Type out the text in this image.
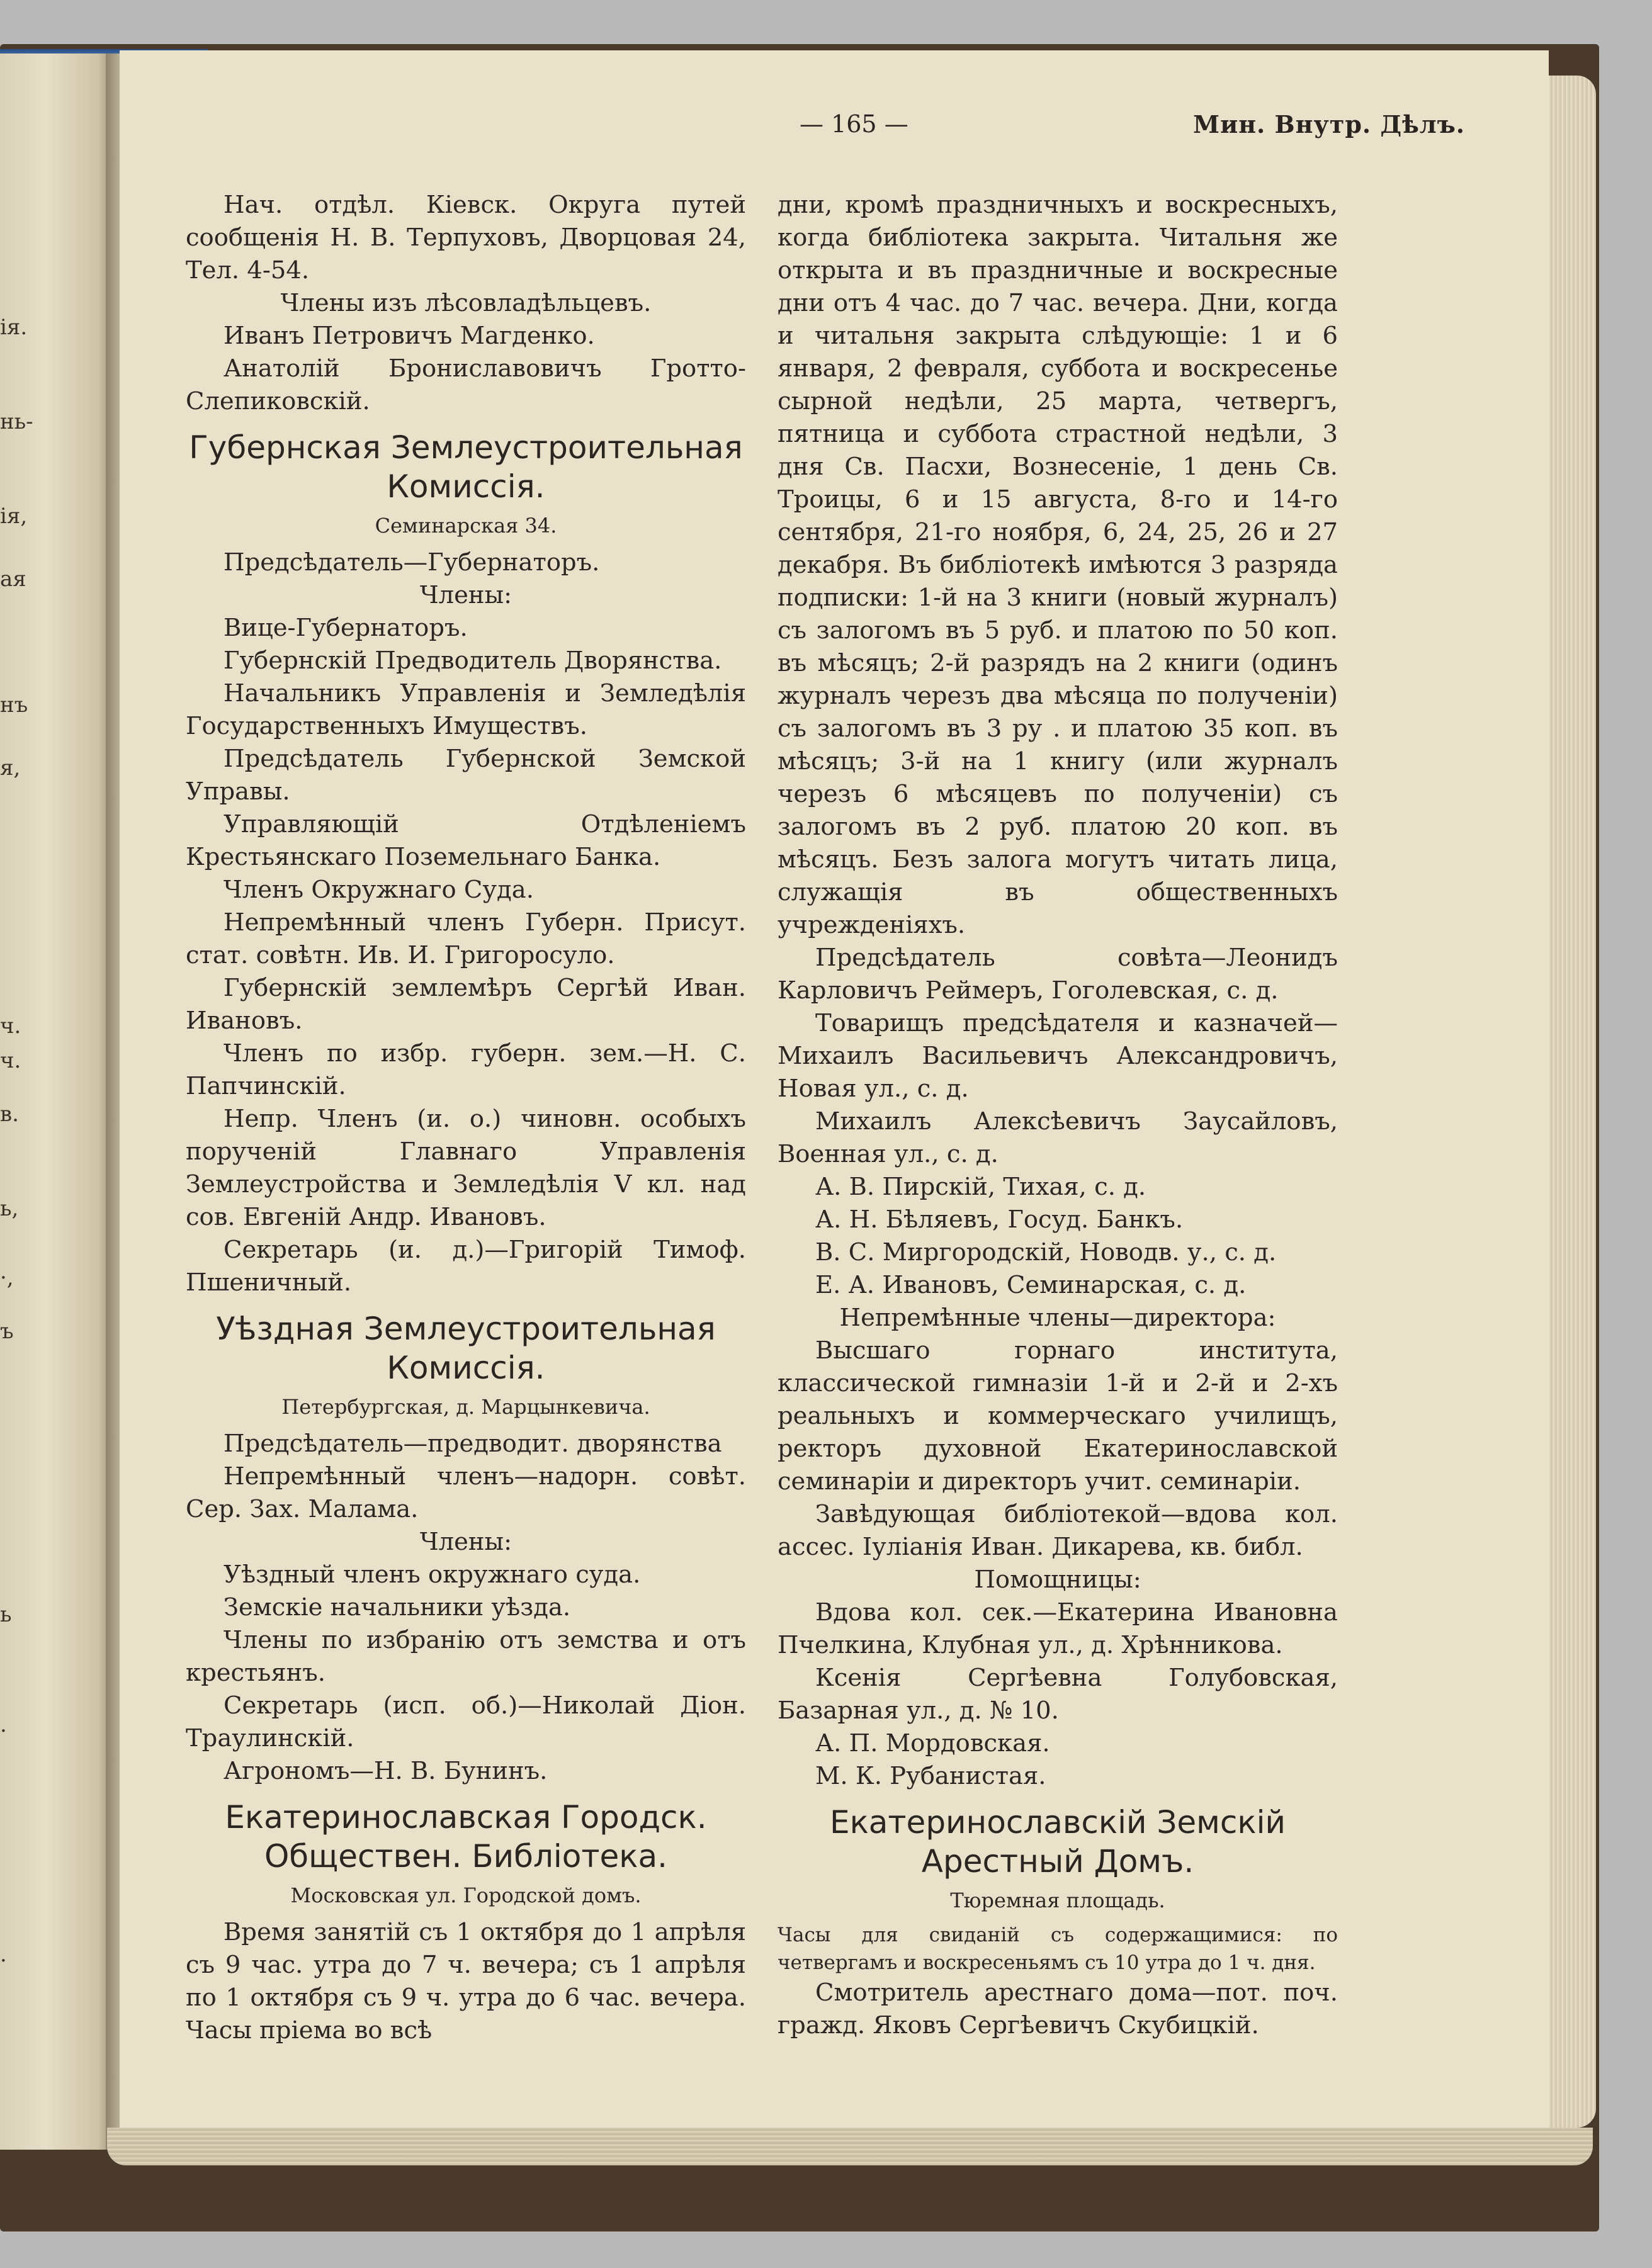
ія.
нь-
ія,
ая
нъ
я,
ч.
ч.
в.
ь,
·,
ъ
ь
.
·
— 165 —	Мин. Внутр. Дѣлъ.

Нач. отдѣл. Кіевск. Округа путей сообщенія Н. В. Терпуховъ, Дворцовая 24, Тел. 4-54.

Члены изъ лѣсовладѣльцевъ.

Иванъ Петровичъ Магденко.

Анатолій Брониславовичъ Гротто-Слепиковскій.

Губернская Землеустроительная Комиссія.
Семинарская 34.

Предсѣдатель—Губернаторъ.

Члены:

Вице-Губернаторъ.

Губернскій Предводитель Дворянства.

Начальникъ Управленія и Земледѣлія Государственныхъ Имуществъ.

Предсѣдатель Губернской Земской Управы.

Управляющій Отдѣленіемъ Крестьянскаго Поземельнаго Банка.

Членъ Окружнаго Суда.

Непремѣнный членъ Губерн. Присут. стат. совѣтн. Ив. И. Григоросуло.

Губернскій землемѣръ Сергѣй Иван. Ивановъ.

Членъ по избр. губерн. зем.—Н. С. Папчинскій.

Непр. Членъ (и. о.) чиновн. особыхъ порученій Главнаго Управленія Землеустройства и Земледѣлія V кл. над сов. Евгеній Андр. Ивановъ.

Секретарь (и. д.)—Григорій Тимоф. Пшеничный.

Уѣздная Землеустроительная Комиссія.
Петербургская, д. Марцынкевича.

Предсѣдатель—предводит. дворянства

Непремѣнный членъ—надорн. совѣт. Сер. Зах. Малама.

Члены:

Уѣздный членъ окружнаго суда.

Земскіе начальники уѣзда.

Члены по избранію отъ земства и отъ крестьянъ.

Секретарь (исп. об.)—Николай Діон. Траулинскій.

Агрономъ—Н. В. Бунинъ.

Екатеринославская Городск. Обществен. Библіотека.
Московская ул. Городской домъ.

Время занятій съ 1 октября до 1 апрѣля съ 9 час. утра до 7 ч. вечера; съ 1 апрѣля по 1 октября съ 9 ч. утра до 6 час. вечера. Часы пріема во всѣ

дни, кромѣ праздничныхъ и воскресныхъ, когда библіотека закрыта. Читальня же открыта и въ праздничные и воскресные дни отъ 4 час. до 7 час. вечера. Дни, когда и читальня закрыта слѣдующіе: 1 и 6 января, 2 февраля, суббота и воскресенье сырной недѣли, 25 марта, четвергъ, пятница и суббота страстной недѣли, 3 дня Св. Пасхи, Вознесеніе, 1 день Св. Троицы, 6 и 15 августа, 8-го и 14-го сентября, 21-го ноября, 6, 24, 25, 26 и 27 декабря. Въ библіотекѣ имѣются 3 разряда подписки: 1-й на 3 книги (новый журналъ) съ залогомъ въ 5 руб. и платою по 50 коп. въ мѣсяцъ; 2-й разрядъ на 2 книги (одинъ журналъ черезъ два мѣсяца по полученіи) съ залогомъ въ 3 ру . и платою 35 коп. въ мѣсяцъ; 3-й на 1 книгу (или журналъ черезъ 6 мѣсяцевъ по полученіи) съ залогомъ въ 2 руб. платою 20 коп. въ мѣсяцъ. Безъ залога могутъ читать лица, служащія въ общественныхъ учрежденіяхъ.

Предсѣдатель совѣта—Леонидъ Карловичъ Реймеръ, Гоголевская, с. д.

Товарищъ предсѣдателя и казначей—Михаилъ Васильевичъ Александровичъ, Новая ул., с. д.

Михаилъ Алексѣевичъ Заусайловъ, Военная ул., с. д.

А. В. Пирскій, Тихая, с. д.

А. Н. Бѣляевъ, Госуд. Банкъ.

В. С. Миргородскій, Новодв. у., с. д.

Е. А. Ивановъ, Семинарская, с. д.

Непремѣнные члены—директора:

Высшаго горнаго института, классической гимназіи 1-й и 2-й и 2-хъ реальныхъ и коммерческаго училищъ, ректоръ духовной Екатеринославской семинаріи и директоръ учит. семинаріи.

Завѣдующая библіотекой—вдова кол. ассес. Іуліанія Иван. Дикарева, кв. библ.

Помощницы:

Вдова кол. сек.—Екатерина Ивановна Пчелкина, Клубная ул., д. Хрѣнникова.

Ксенія Сергѣевна Голубовская, Базарная ул., д. № 10.

А. П. Мордовская.

М. К. Рубанистая.

Екатеринославскій Земскій Арестный Домъ.
Тюремная площадь.

Часы для свиданій съ содержащимися: по четвергамъ и воскресеньямъ съ 10 утра до 1 ч. дня.

Смотритель арестнаго дома—пот. поч. гражд. Яковъ Сергѣевичъ Скубицкій.
